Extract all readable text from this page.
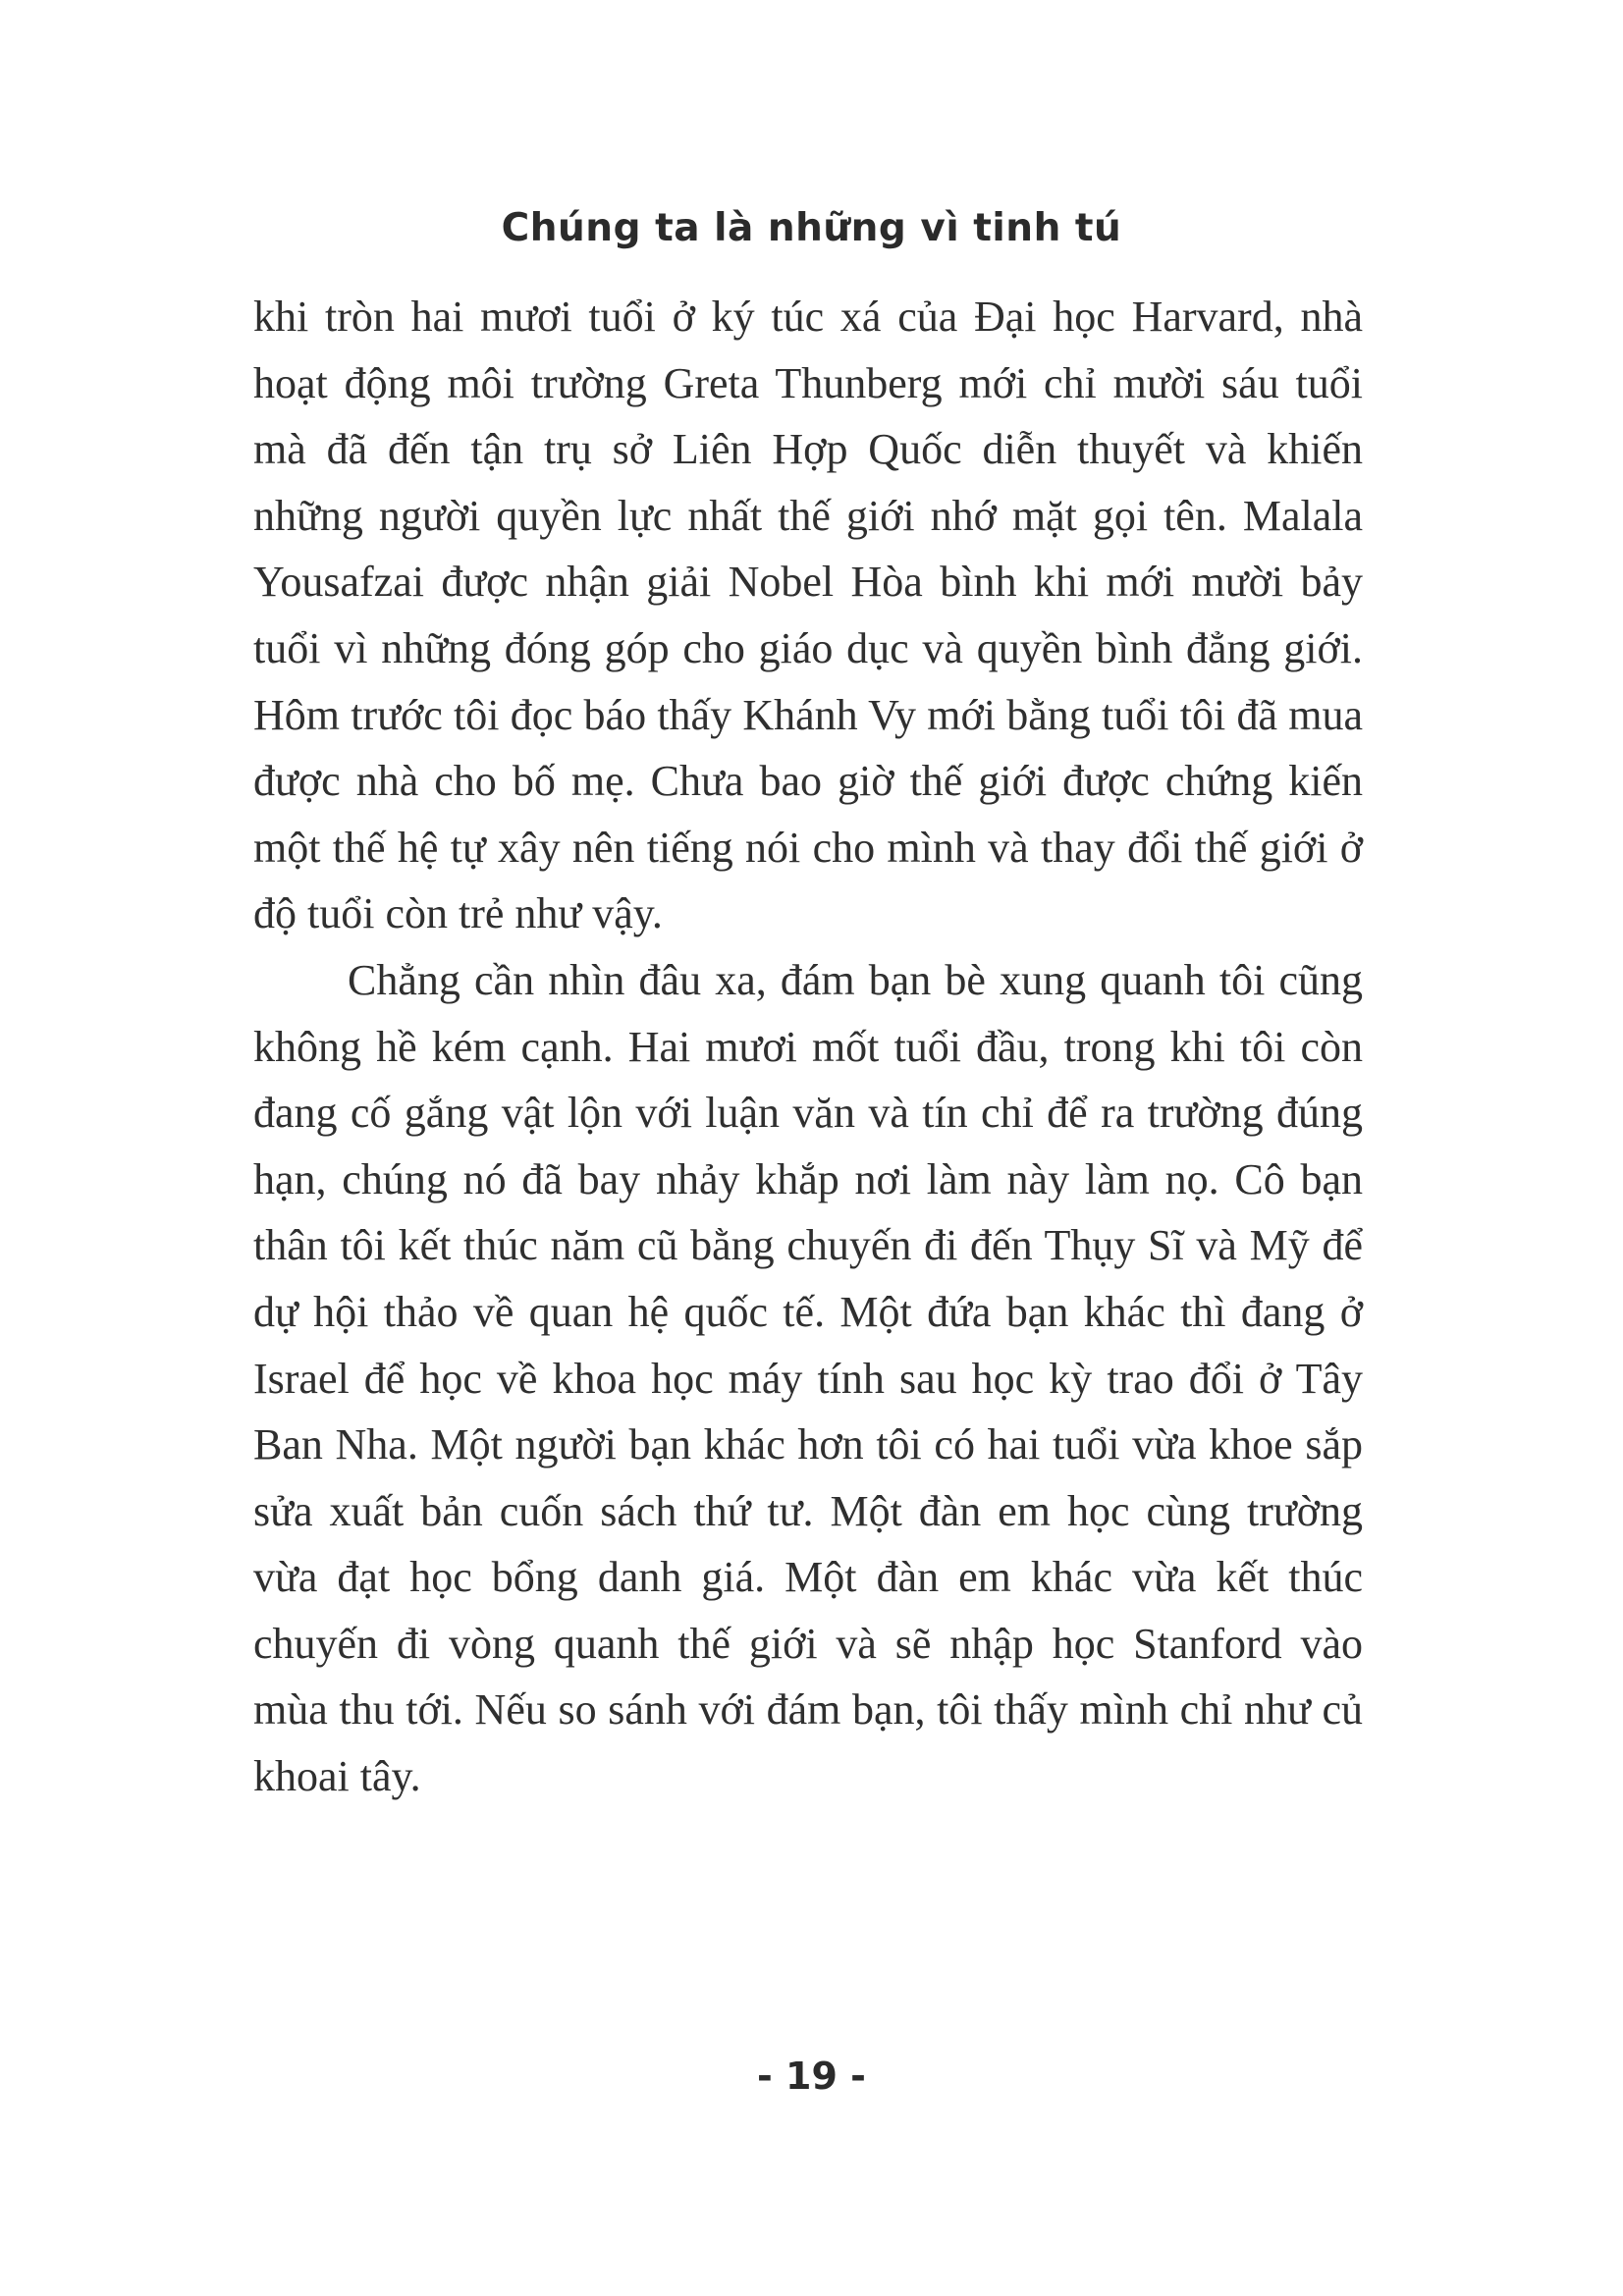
Chúng ta là những vì tinh tú

khi tròn hai mươi tuổi ở ký túc xá của Đại học Harvard, nhà hoạt động môi trường Greta Thunberg mới chỉ mười sáu tuổi mà đã đến tận trụ sở Liên Hợp Quốc diễn thuyết và khiến những người quyền lực nhất thế giới nhớ mặt gọi tên. Malala Yousafzai được nhận giải Nobel Hòa bình khi mới mười bảy tuổi vì những đóng góp cho giáo dục và quyền bình đẳng giới. Hôm trước tôi đọc báo thấy Khánh Vy mới bằng tuổi tôi đã mua được nhà cho bố mẹ. Chưa bao giờ thế giới được chứng kiến một thế hệ tự xây nên tiếng nói cho mình và thay đổi thế giới ở độ tuổi còn trẻ như vậy.

Chẳng cần nhìn đâu xa, đám bạn bè xung quanh tôi cũng không hề kém cạnh. Hai mươi mốt tuổi đầu, trong khi tôi còn đang cố gắng vật lộn với luận văn và tín chỉ để ra trường đúng hạn, chúng nó đã bay nhảy khắp nơi làm này làm nọ. Cô bạn thân tôi kết thúc năm cũ bằng chuyến đi đến Thụy Sĩ và Mỹ để dự hội thảo về quan hệ quốc tế. Một đứa bạn khác thì đang ở Israel để học về khoa học máy tính sau học kỳ trao đổi ở Tây Ban Nha. Một người bạn khác hơn tôi có hai tuổi vừa khoe sắp sửa xuất bản cuốn sách thứ tư. Một đàn em học cùng trường vừa đạt học bổng danh giá. Một đàn em khác vừa kết thúc chuyến đi vòng quanh thế giới và sẽ nhập học Stanford vào mùa thu tới. Nếu so sánh với đám bạn, tôi thấy mình chỉ như củ khoai tây.

- 19 -
